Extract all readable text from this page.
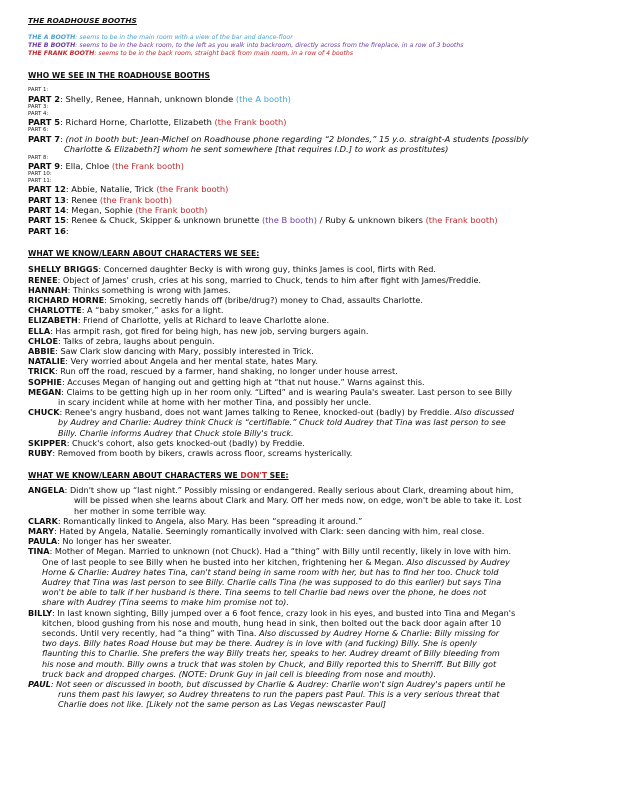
THE ROADHOUSE BOOTHS
THE A BOOTH: seems to be in the main room with a view of the bar and dance-floor
THE B BOOTH: seems to be in the back room, to the left as you walk into backroom, directly across from the fireplace, in a row of 3 booths
THE FRANK BOOTH: seems to be in the back room, straight back from main room, in a row of 4 booths
WHO WE SEE IN THE ROADHOUSE BOOTHS
PART 1:
PART 2: Shelly, Renee, Hannah, unknown blonde (the A booth)
PART 3:
PART 4:
PART 5: Richard Horne, Charlotte, Elizabeth (the Frank booth)
PART 6:
PART 7: (not in booth but: Jean-Michel on Roadhouse phone regarding “2 blondes,” 15 y.o. straight-A students [possibly
Charlotte & Elizabeth?] whom he sent somewhere [that requires I.D.] to work as prostitutes)
PART 8:
PART 9: Ella, Chloe (the Frank booth)
PART 10:
PART 11:
PART 12: Abbie, Natalie, Trick (the Frank booth)
PART 13: Renee (the Frank booth)
PART 14: Megan, Sophie (the Frank booth)
PART 15: Renee & Chuck, Skipper & unknown brunette (the B booth) / Ruby & unknown bikers (the Frank booth)
PART 16:
WHAT WE KNOW/LEARN ABOUT CHARACTERS WE SEE:
SHELLY BRIGGS: Concerned daughter Becky is with wrong guy, thinks James is cool, flirts with Red.
RENEE: Object of James' crush, cries at his song, married to Chuck, tends to him after fight with James/Freddie.
HANNAH: Thinks something is wrong with James.
RICHARD HORNE: Smoking, secretly hands off (bribe/drug?) money to Chad, assaults Charlotte.
CHARLOTTE: A “baby smoker,” asks for a light.
ELIZABETH: Friend of Charlotte, yells at Richard to leave Charlotte alone.
ELLA: Has armpit rash, got fired for being high, has new job, serving burgers again.
CHLOE: Talks of zebra, laughs about penguin.
ABBIE: Saw Clark slow dancing with Mary, possibly interested in Trick.
NATALIE: Very worried about Angela and her mental state, hates Mary.
TRICK: Run off the road, rescued by a farmer, hand shaking, no longer under house arrest.
SOPHIE: Accuses Megan of hanging out and getting high at “that nut house.” Warns against this.
MEGAN: Claims to be getting high up in her room only. “Lifted” and is wearing Paula's sweater. Last person to see Billy
in scary incident while at home with her mother Tina, and possibly her uncle.
CHUCK: Renee's angry husband, does not want James talking to Renee, knocked-out (badly) by Freddie. Also discussed
by Audrey and Charlie: Audrey think Chuck is “certifiable.” Chuck told Audrey that Tina was last person to see
Billy. Charlie informs Audrey that Chuck stole Billy's truck.
SKIPPER: Chuck's cohort, also gets knocked-out (badly) by Freddie.
RUBY: Removed from booth by bikers, crawls across floor, screams hysterically.
WHAT WE KNOW/LEARN ABOUT CHARACTERS WE DON'T SEE:
ANGELA: Didn't show up “last night.” Possibly missing or endangered. Really serious about Clark, dreaming about him,
will be pissed when she learns about Clark and Mary. Off her meds now, on edge, won't be able to take it. Lost
her mother in some terrible way.
CLARK: Romantically linked to Angela, also Mary. Has been “spreading it around.”
MARY: Hated by Angela, Natalie. Seemingly romantically involved with Clark: seen dancing with him, real close.
PAULA: No longer has her sweater.
TINA: Mother of Megan. Married to unknown (not Chuck). Had a “thing” with Billy until recently, likely in love with him.
One of last people to see Billy when he busted into her kitchen, frightening her & Megan. Also discussed by Audrey
Horne & Charlie: Audrey hates Tina, can't stand being in same room with her, but has to find her too. Chuck told
Audrey that Tina was last person to see Billy. Charlie calls Tina (he was supposed to do this earlier) but says Tina
won't be able to talk if her husband is there. Tina seems to tell Charlie bad news over the phone, he does not
share with Audrey (Tina seems to make him promise not to).
BILLY: In last known sighting, Billy jumped over a 6 foot fence, crazy look in his eyes, and busted into Tina and Megan's
kitchen, blood gushing from his nose and mouth, hung head in sink, then bolted out the back door again after 10
seconds. Until very recently, had “a thing” with Tina. Also discussed by Audrey Horne & Charlie: Billy missing for
two days. Billy hates Road House but may be there. Audrey is in love with (and fucking) Billy. She is openly
flaunting this to Charlie. She prefers the way Billy treats her, speaks to her. Audrey dreamt of Billy bleeding from
his nose and mouth. Billy owns a truck that was stolen by Chuck, and Billy reported this to Sherriff. But Billy got
truck back and dropped charges. (NOTE: Drunk Guy in jail cell is bleeding from nose and mouth).
PAUL: Not seen or discussed in booth, but discussed by Charlie & Audrey: Charlie won't sign Audrey's papers until he
runs them past his lawyer, so Audrey threatens to run the papers past Paul. This is a very serious threat that
Charlie does not like. [Likely not the same person as Las Vegas newscaster Paul]
